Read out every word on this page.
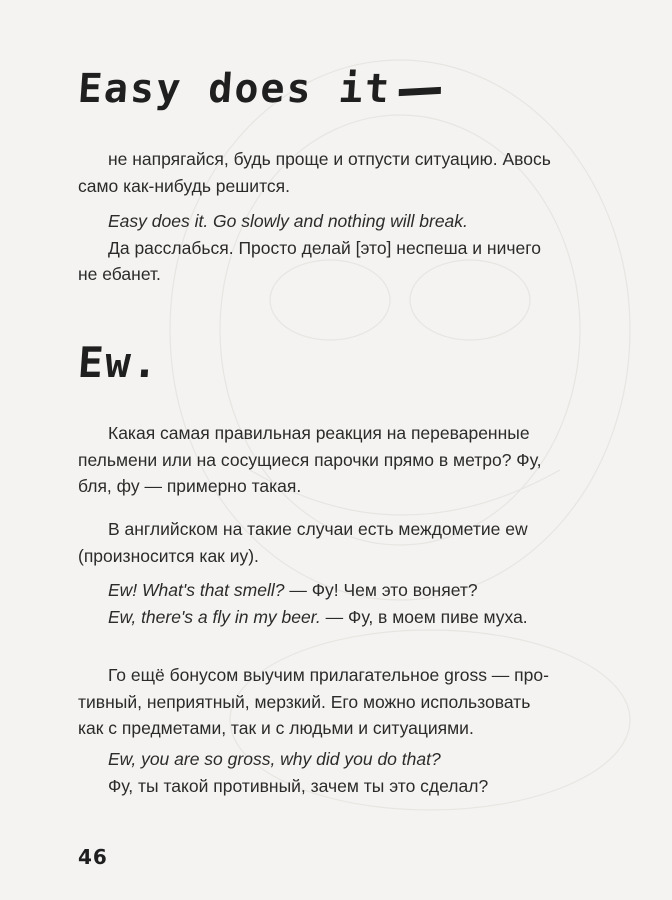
Easy does it
не напрягайся, будь проще и отпусти ситуацию. Авось
само как-нибудь решится.
Easy does it. Go slowly and nothing will break.
Да расслабься. Просто делай [это] неспеша и ничего
не ебанет.
Ew.
Какая самая правильная реакция на переваренные
пельмени или на сосущиеся парочки прямо в метро? Фу,
бля, фу — примерно такая.
В английском на такие случаи есть междометие ew
(произносится как иу).
Ew! What's that smell? — Фу! Чем это воняет?
Ew, there's a fly in my beer. — Фу, в моем пиве муха.
Го ещё бонусом выучим прилагательное gross — про-
тивный, неприятный, мерзкий. Его можно использовать
как с предметами, так и с людьми и ситуациями.
Ew, you are so gross, why did you do that?
Фу, ты такой противный, зачем ты это сделал?
46
